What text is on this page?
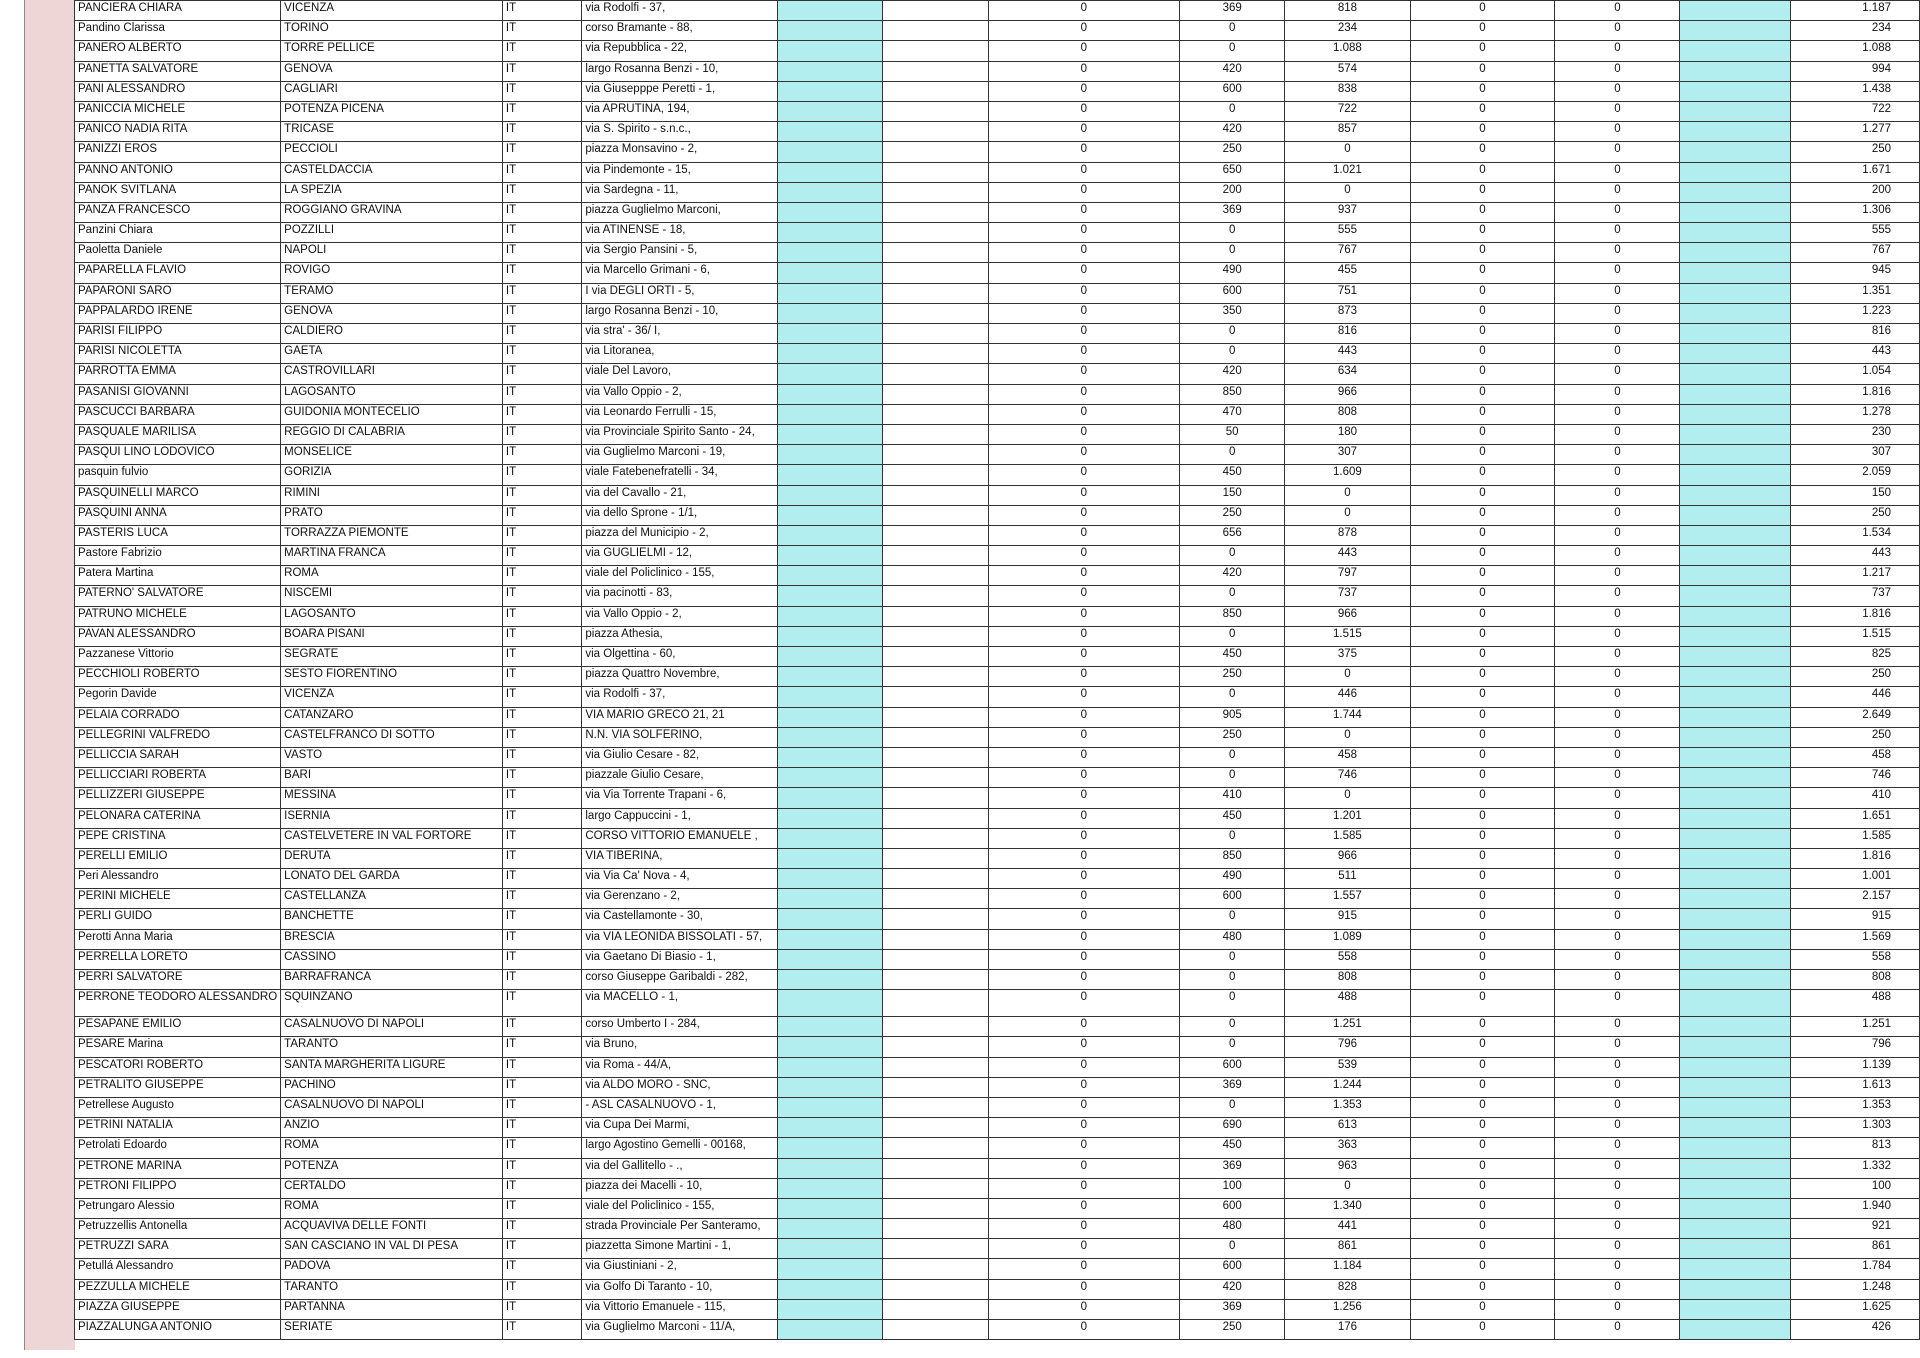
PANCIERA CHIARA	VICENZA	IT	via Rodolfi - 37,			0	369	818	0	0		1.187
Pandino Clarissa	TORINO	IT	corso Bramante - 88,			0	0	234	0	0		234
PANERO ALBERTO	TORRE PELLICE	IT	via Repubblica - 22,			0	0	1.088	0	0		1.088
PANETTA SALVATORE	GENOVA	IT	largo Rosanna Benzi - 10,			0	420	574	0	0		994
PANI ALESSANDRO	CAGLIARI	IT	via Giusepppe Peretti - 1,			0	600	838	0	0		1.438
PANICCIA MICHELE	POTENZA PICENA	IT	via APRUTINA, 194,			0	0	722	0	0		722
PANICO NADIA RITA	TRICASE	IT	via S. Spirito - s.n.c.,			0	420	857	0	0		1.277
PANIZZI EROS	PECCIOLI	IT	piazza Monsavino - 2,			0	250	0	0	0		250
PANNO ANTONIO	CASTELDACCIA	IT	via Pindemonte - 15,			0	650	1.021	0	0		1.671
PANOK SVITLANA	LA SPEZIA	IT	via Sardegna - 11,			0	200	0	0	0		200
PANZA FRANCESCO	ROGGIANO GRAVINA	IT	piazza Guglielmo Marconi,			0	369	937	0	0		1.306
Panzini Chiara	POZZILLI	IT	via ATINENSE - 18,			0	0	555	0	0		555
Paoletta Daniele	NAPOLI	IT	via Sergio Pansini - 5,			0	0	767	0	0		767
PAPARELLA FLAVIO	ROVIGO	IT	via Marcello Grimani - 6,			0	490	455	0	0		945
PAPARONI SARO	TERAMO	IT	I via DEGLI ORTI - 5,			0	600	751	0	0		1.351
PAPPALARDO IRENE	GENOVA	IT	largo Rosanna Benzi - 10,			0	350	873	0	0		1.223
PARISI FILIPPO	CALDIERO	IT	via stra' - 36/ I,			0	0	816	0	0		816
PARISI NICOLETTA	GAETA	IT	via Litoranea,			0	0	443	0	0		443
PARROTTA EMMA	CASTROVILLARI	IT	viale Del Lavoro,			0	420	634	0	0		1.054
PASANISI GIOVANNI	LAGOSANTO	IT	via Vallo Oppio - 2,			0	850	966	0	0		1.816
PASCUCCI BARBARA	GUIDONIA MONTECELIO	IT	via Leonardo Ferrulli - 15,			0	470	808	0	0		1.278
PASQUALE MARILISA	REGGIO DI CALABRIA	IT	via Provinciale Spirito Santo - 24,			0	50	180	0	0		230
PASQUI LINO LODOVICO	MONSELICE	IT	via Guglielmo Marconi - 19,			0	0	307	0	0		307
pasquin fulvio	GORIZIA	IT	viale Fatebenefratelli - 34,			0	450	1.609	0	0		2.059
PASQUINELLI MARCO	RIMINI	IT	via del Cavallo - 21,			0	150	0	0	0		150
PASQUINI ANNA	PRATO	IT	via dello Sprone - 1/1,			0	250	0	0	0		250
PASTERIS LUCA	TORRAZZA PIEMONTE	IT	piazza del Municipio - 2,			0	656	878	0	0		1.534
Pastore Fabrizio	MARTINA FRANCA	IT	via GUGLIELMI - 12,			0	0	443	0	0		443
Patera Martina	ROMA	IT	viale del Policlinico - 155,			0	420	797	0	0		1.217
PATERNO' SALVATORE	NISCEMI	IT	via pacinotti - 83,			0	0	737	0	0		737
PATRUNO MICHELE	LAGOSANTO	IT	via Vallo Oppio - 2,			0	850	966	0	0		1.816
PAVAN ALESSANDRO	BOARA PISANI	IT	piazza Athesia,			0	0	1.515	0	0		1.515
Pazzanese Vittorio	SEGRATE	IT	via Olgettina - 60,			0	450	375	0	0		825
PECCHIOLI ROBERTO	SESTO FIORENTINO	IT	piazza Quattro Novembre,			0	250	0	0	0		250
Pegorin Davide	VICENZA	IT	via Rodolfi - 37,			0	0	446	0	0		446
PELAIA CORRADO	CATANZARO	IT	VIA MARIO GRECO 21, 21			0	905	1.744	0	0		2.649
PELLEGRINI VALFREDO	CASTELFRANCO DI SOTTO	IT	N.N. VIA SOLFERINO,			0	250	0	0	0		250
PELLICCIA SARAH	VASTO	IT	via Giulio Cesare - 82,			0	0	458	0	0		458
PELLICCIARI ROBERTA	BARI	IT	piazzale Giulio Cesare,			0	0	746	0	0		746
PELLIZZERI GIUSEPPE	MESSINA	IT	via Via Torrente Trapani - 6,			0	410	0	0	0		410
PELONARA CATERINA	ISERNIA	IT	largo Cappuccini - 1,			0	450	1.201	0	0		1.651
PEPE CRISTINA	CASTELVETERE IN VAL FORTORE	IT	CORSO VITTORIO EMANUELE ,			0	0	1.585	0	0		1.585
PERELLI EMILIO	DERUTA	IT	VIA TIBERINA,			0	850	966	0	0		1.816
Peri Alessandro	LONATO DEL GARDA	IT	via Via Ca' Nova - 4,			0	490	511	0	0		1.001
PERINI MICHELE	CASTELLANZA	IT	via Gerenzano - 2,			0	600	1.557	0	0		2.157
PERLI GUIDO	BANCHETTE	IT	via Castellamonte - 30,			0	0	915	0	0		915
Perotti Anna Maria	BRESCIA	IT	via VIA LEONIDA BISSOLATI - 57,			0	480	1.089	0	0		1.569
PERRELLA LORETO	CASSINO	IT	via Gaetano Di Biasio - 1,			0	0	558	0	0		558
PERRI SALVATORE	BARRAFRANCA	IT	corso Giuseppe Garibaldi - 282,			0	0	808	0	0		808
PERRONE TEODORO ALESSANDRO	SQUINZANO	IT	via MACELLO - 1,			0	0	488	0	0		488
PESAPANE EMILIO	CASALNUOVO DI NAPOLI	IT	corso Umberto I - 284,			0	0	1.251	0	0		1.251
PESARE Marina	TARANTO	IT	via Bruno,			0	0	796	0	0		796
PESCATORI ROBERTO	SANTA MARGHERITA LIGURE	IT	via Roma - 44/A,			0	600	539	0	0		1.139
PETRALITO GIUSEPPE	PACHINO	IT	via ALDO MORO - SNC,			0	369	1.244	0	0		1.613
Petrellese Augusto	CASALNUOVO DI NAPOLI	IT	- ASL CASALNUOVO - 1,			0	0	1.353	0	0		1.353
PETRINI NATALIA	ANZIO	IT	via Cupa Dei Marmi,			0	690	613	0	0		1.303
Petrolati Edoardo	ROMA	IT	largo Agostino Gemelli - 00168,			0	450	363	0	0		813
PETRONE MARINA	POTENZA	IT	via del Gallitello - .,			0	369	963	0	0		1.332
PETRONI FILIPPO	CERTALDO	IT	piazza dei Macelli - 10,			0	100	0	0	0		100
Petrungaro Alessio	ROMA	IT	viale del Policlinico - 155,			0	600	1.340	0	0		1.940
Petruzzellis Antonella	ACQUAVIVA DELLE FONTI	IT	strada Provinciale Per Santeramo,			0	480	441	0	0		921
PETRUZZI SARA	SAN CASCIANO IN VAL DI PESA	IT	piazzetta Simone Martini - 1,			0	0	861	0	0		861
Petullá Alessandro	PADOVA	IT	via Giustiniani - 2,			0	600	1.184	0	0		1.784
PEZZULLA MICHELE	TARANTO	IT	via Golfo Di Taranto - 10,			0	420	828	0	0		1.248
PIAZZA GIUSEPPE	PARTANNA	IT	via Vittorio Emanuele - 115,			0	369	1.256	0	0		1.625
PIAZZALUNGA ANTONIO	SERIATE	IT	via Guglielmo Marconi - 11/A,			0	250	176	0	0		426
